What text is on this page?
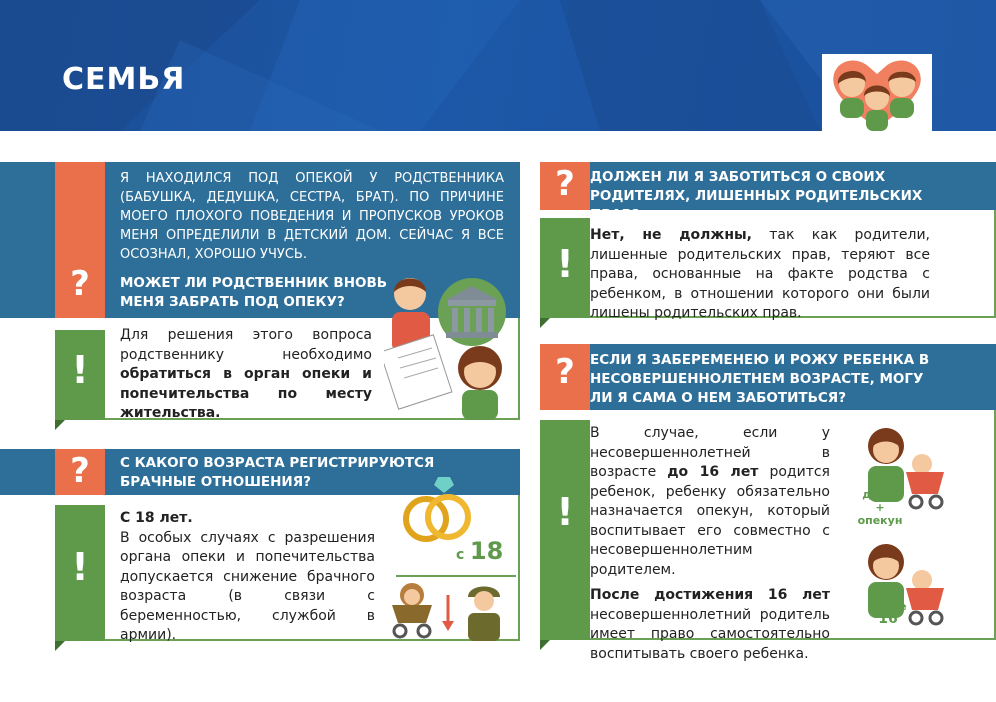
СЕМЬЯ
?
Я НАХОДИЛСЯ ПОД ОПЕКОЙ У РОДСТВЕННИКА (БАБУШКА, ДЕДУШКА, СЕСТРА, БРАТ). ПО ПРИЧИНЕ МОЕГО ПЛОХОГО ПОВЕДЕНИЯ И ПРОПУСКОВ УРОКОВ МЕНЯ ОПРЕДЕЛИЛИ В ДЕТСКИЙ ДОМ. СЕЙЧАС Я ВСЕ ОСОЗНАЛ, ХОРОШО УЧУСЬ.
МОЖЕТ ЛИ РОДСТВЕННИК ВНОВЬ МЕНЯ ЗАБРАТЬ ПОД ОПЕКУ?
!
Для решения этого вопроса родственнику необходимо обратиться в орган опеки и попечительства по месту жительства.
?	С КАКОГО ВОЗРАСТА РЕГИСТРИРУЮТСЯ БРАЧНЫЕ ОТНОШЕНИЯ?
!
С 18 лет.
В особых случаях с разрешения органа опеки и попечительства допускается снижение брачного возраста (в связи с беременностью, службой в армии).
с 18
?	ДОЛЖЕН ЛИ Я ЗАБОТИТЬСЯ О СВОИХ РОДИТЕЛЯХ, ЛИШЕННЫХ РОДИТЕЛЬСКИХ
!
Нет, не должны, так как родители, лишенные родительских прав, теряют все права, основанные на факте родства с ребенком, в отношении которого они были лишены родительских прав.
?	ЕСЛИ Я ЗАБЕРЕМЕНЕЮ И РОЖУ РЕБЕНКА В НЕСОВЕРШЕННОЛЕТНЕМ ВОЗРАСТЕ, МОГУ ЛИ Я САМА О НЕМ ЗАБОТИТЬСЯ?
!
В случае, если у несовершеннолетней в возрасте до 16 лет родится ребенок, ребенку обязательно назначается опекун, который воспитывает его совместно с несовершеннолетним родителем.
После достижения 16 лет несовершеннолетний родитель имеет право самостоятельно воспитывать своего ребенка.
до 16
+ опекун
после
16
